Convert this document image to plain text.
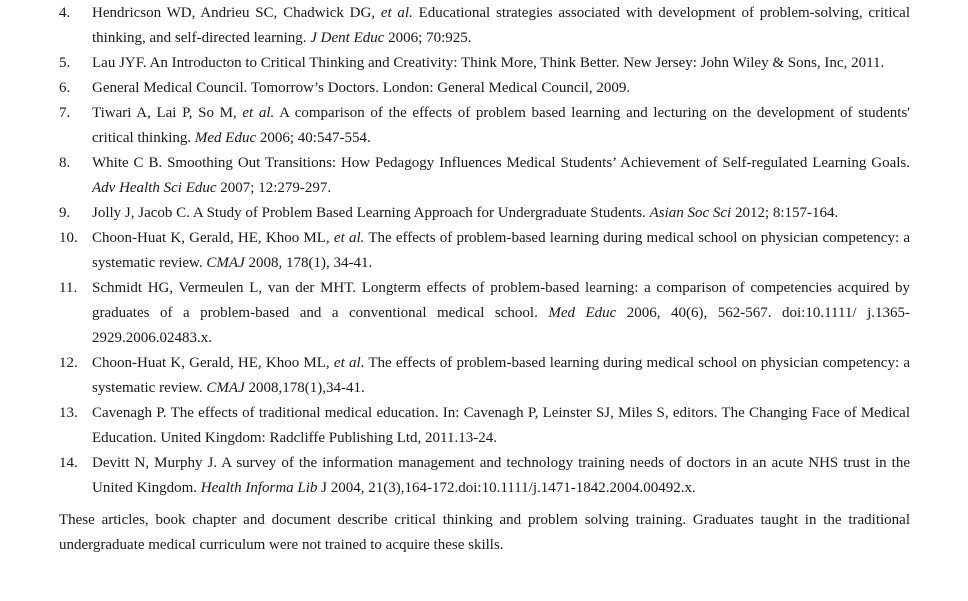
4.	Hendricson WD, Andrieu SC, Chadwick DG, et al. Educational strategies associated with development of problem-solving, critical thinking, and self-directed learning. J Dent Educ 2006; 70:925.
5.	Lau JYF. An Introducton to Critical Thinking and Creativity: Think More, Think Better. New Jersey: John Wiley & Sons, Inc, 2011.
6.	General Medical Council. Tomorrow’s Doctors. London: General Medical Council, 2009.
7.	Tiwari A, Lai P, So M, et al. A comparison of the effects of problem based learning and lecturing on the development of students' critical thinking. Med Educ 2006; 40:547-554.
8.	White C B. Smoothing Out Transitions: How Pedagogy Influences Medical Students’ Achievement of Self-regulated Learning Goals. Adv Health Sci Educ 2007; 12:279-297.
9.	Jolly J, Jacob C. A Study of Problem Based Learning Approach for Undergraduate Students. Asian Soc Sci 2012; 8:157-164.
10. Choon-Huat K, Gerald, HE, Khoo ML, et al. The effects of problem-based learning during medical school on physician competency: a systematic review. CMAJ 2008, 178(1), 34-41.
11. Schmidt HG, Vermeulen L, van der MHT. Longterm effects of problem-based learning: a comparison of competencies acquired by graduates of a problem-based and a conventional medical school. Med Educ 2006, 40(6), 562-567. doi:10.1111/ j.1365-2929.2006.02483.x.
12. Choon-Huat K, Gerald, HE, Khoo ML, et al. The effects of problem-based learning during medical school on physician competency: a systematic review. CMAJ 2008,178(1),34-41.
13. Cavenagh P. The effects of traditional medical education. In: Cavenagh P, Leinster SJ, Miles S, editors. The Changing Face of Medical Education. United Kingdom: Radcliffe Publishing Ltd, 2011.13-24.
14. Devitt N, Murphy J. A survey of the information management and technology training needs of doctors in an acute NHS trust in the United Kingdom. Health Informa Lib J 2004, 21(3),164-172.doi:10.1111/j.1471-1842.2004.00492.x.

These articles, book chapter and document describe critical thinking and problem solving training. Graduates taught in the traditional undergraduate medical curriculum were not trained to acquire these skills.
